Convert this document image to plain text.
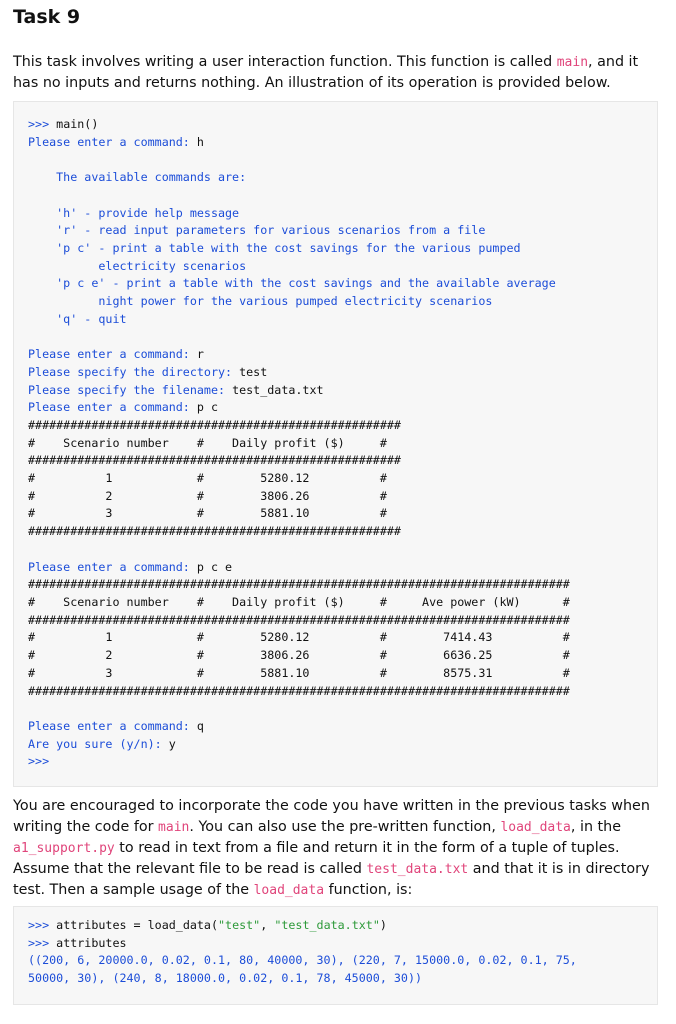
Task 9

This task involves writing a user interaction function. This function is called main, and it has no inputs and returns nothing. An illustration of its operation is provided below.

>>> main()
Please enter a command: h

The available commands are:

'h' - provide help message
'r' - read input parameters for various scenarios from a file
'p c' - print a table with the cost savings for the various pumped
electricity scenarios
'p c e' - print a table with the cost savings and the available average
night power for the various pumped electricity scenarios
'q' - quit

Please enter a command: r
Please specify the directory: test
Please specify the filename: test_data.txt
Please enter a command: p c
#####################################################
#    Scenario number    #    Daily profit ($)     #
#####################################################
#          1            #        5280.12          #
#          2            #        3806.26          #
#          3            #        5881.10          #
#####################################################

Please enter a command: p c e
#############################################################################
#    Scenario number    #    Daily profit ($)     #     Ave power (kW)      #
#############################################################################
#          1            #        5280.12          #        7414.43          #
#          2            #        3806.26          #        6636.25          #
#          3            #        5881.10          #        8575.31          #
#############################################################################

Please enter a command: q
Are you sure (y/n): y
>>>

You are encouraged to incorporate the code you have written in the previous tasks when writing the code for main. You can also use the pre-written function, load_data, in the a1_support.py to read in text from a file and return it in the form of a tuple of tuples. Assume that the relevant file to be read is called test_data.txt and that it is in directory test. Then a sample usage of the load_data function, is:

>>> attributes = load_data("test", "test_data.txt")
>>> attributes
((200, 6, 20000.0, 0.02, 0.1, 80, 40000, 30), (220, 7, 15000.0, 0.02, 0.1, 75,
50000, 30), (240, 8, 18000.0, 0.02, 0.1, 78, 45000, 30))
